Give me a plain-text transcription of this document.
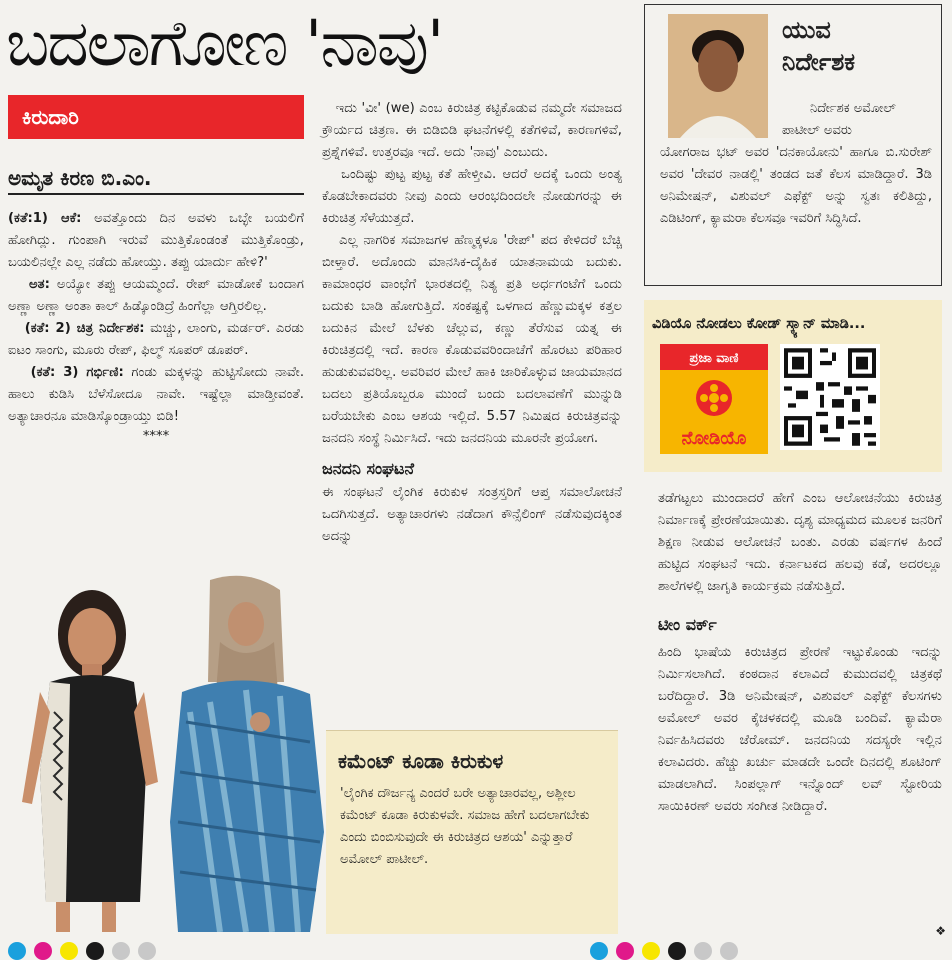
ಬದಲಾಗೋಣ 'ನಾವು'
ಕಿರುದಾರಿ
ಅಮೃತ ಕಿರಣ ಬಿ.ಎಂ.

(ಕತೆ:1) ಆಕೆ: ಅವತ್ತೊಂದು ದಿನ ಅವಳು ಒಬ್ಳೇ ಬಯಲಿಗೆ ಹೋಗಿದ್ಲು. ಗುಂಪಾಗಿ ಇರುವೆ ಮುತ್ತಿಕೊಂಡಂತೆ ಮುತ್ತಿಕೊಂಡ್ರು, ಬಯಲಿನಲ್ಲೇ ಎಲ್ಲ ನಡೆದು ಹೋಯ್ತು. ತಪ್ಪು ಯಾರ್ದು ಹೇಳಿ?'

ಅತ: ಅಯ್ಯೋ ತಪ್ಪು ಆಯಮ್ಮಂದೆ. ರೇಪ್ ಮಾಡೋಕೆ ಬಂದಾಗ ಅಣ್ಣಾ ಅಣ್ಣಾ ಅಂತಾ ಕಾಲ್ ಹಿಡ್ಕೊಂಡಿದ್ರೆ ಹಿಂಗೆಲ್ಲಾ ಆಗ್ತಿರಲಿಲ್ಲ.

(ಕತೆ: 2) ಚಿತ್ರ ನಿರ್ದೇಶಕ: ಮಚ್ಚು, ಲಾಂಗು, ಮರ್ಡರ್. ಎರಡು ಐಟಂ ಸಾಂಗು, ಮೂರು ರೇಪ್, ಫಿಲ್ಮ್ ಸೂಪರ್ ಡೂಪರ್.

(ಕತೆ: 3) ಗರ್ಭಿಣಿ: ಗಂಡು ಮಕ್ಕಳನ್ನು ಹುಟ್ಟಿಸೋದು ನಾವೇ. ಹಾಲು ಕುಡಿಸಿ ಬೆಳೆಸೋದೂ ನಾವೇ. ಇಷ್ಟೆಲ್ಲಾ ಮಾಡ್ತೀವಂತೆ. ಅತ್ಯಾಚಾರನೂ ಮಾಡಿಸ್ಕೊಂಡ್ರಾಯ್ತು ಬಿಡಿ!

****

ಇದು 'ವೀ' (we) ಎಂಬ ಕಿರುಚಿತ್ರ ಕಟ್ಟಿಕೊಡುವ ನಮ್ಮದೇ ಸಮಾಜದ ಕ್ರೌರ್ಯದ ಚಿತ್ರಣ. ಈ ಬಿಡಿಬಿಡಿ ಘಟನೆಗಳಲ್ಲಿ ಕತೆಗಳಿವೆ, ಕಾರಣಗಳಿವೆ, ಪ್ರಶ್ನೆಗಳಿವೆ. ಉತ್ತರವೂ ಇದೆ. ಅದು 'ನಾವು' ಎಂಬುದು.

ಒಂದಿಷ್ಟು ಪುಟ್ಟ ಪುಟ್ಟ ಕತೆ ಹೇಳ್ತೀವಿ. ಆದರೆ ಅದಕ್ಕೆ ಒಂದು ಅಂತ್ಯ ಕೊಡಬೇಕಾದವರು ನೀವು ಎಂದು ಆರಂಭದಿಂದಲೇ ನೋಡುಗರನ್ನು ಈ ಕಿರುಚಿತ್ರ ಸೆಳೆಯುತ್ತದೆ.

ಎಲ್ಲ ನಾಗರಿಕ ಸಮಾಜಗಳ ಹೆಣ್ಮಕ್ಕಳೂ 'ರೇಪ್' ಪದ ಕೇಳಿದರೆ ಬೆಚ್ಚಿ ಬೀಳ್ತಾರೆ. ಅದೊಂದು ಮಾನಸಿಕ-ದೈಹಿಕ ಯಾತನಾಮಯ ಬದುಕು. ಕಾಮಾಂಧರ ವಾಂಛೆಗೆ ಭಾರತದಲ್ಲಿ ನಿತ್ಯ ಪ್ರತಿ ಅರ್ಧಗಂಟೆಗೆ ಒಂದು ಬದುಕು ಬಾಡಿ ಹೋಗುತ್ತಿದೆ. ಸಂಕಷ್ಟಕ್ಕೆ ಒಳಗಾದ ಹೆಣ್ಣುಮಕ್ಕಳ ಕತ್ತಲ ಬದುಕಿನ ಮೇಲೆ ಬೆಳಕು ಚೆಲ್ಲುವ, ಕಣ್ಣು ತೆರೆಸುವ ಯತ್ನ ಈ ಕಿರುಚಿತ್ರದಲ್ಲಿ ಇದೆ. ಕಾರಣ ಕೊಡುವವರಿಂದಾಚೆಗೆ ಹೊರಟು ಪರಿಹಾರ ಹುಡುಕುವವರಿಲ್ಲ. ಅವರಿವರ ಮೇಲೆ ಹಾಕಿ ಜಾರಿಕೊಳ್ಳುವ ಜಾಯಮಾನದ ಬದಲು ಪ್ರತಿಯೊಬ್ಬರೂ ಮುಂದೆ ಬಂದು ಬದಲಾವಣೆಗೆ ಮುನ್ನುಡಿ ಬರೆಯಬೇಕು ಎಂಬ ಆಶಯ ಇಲ್ಲಿದೆ. 5.57 ನಿಮಿಷದ ಕಿರುಚಿತ್ರವನ್ನು ಜನದನಿ ಸಂಸ್ಥೆ ನಿರ್ಮಿಸಿದೆ. ಇದು ಜನದನಿಯ ಮೂರನೇ ಪ್ರಯೋಗ.

ಜನದನಿ ಸಂಘಟನೆ

ಈ ಸಂಘಟನೆ ಲೈಂಗಿಕ ಕಿರುಕುಳ ಸಂತ್ರಸ್ತರಿಗೆ ಆಪ್ತ ಸಮಾಲೋಚನೆ ಒದಗಿಸುತ್ತದೆ. ಅತ್ಯಾಚಾರಗಳು ನಡೆದಾಗ ಕೌನ್ಸೆಲಿಂಗ್ ನಡೆಸುವುದಕ್ಕಿಂತ ಅದನ್ನು

ಕಮೆಂಟ್ ಕೂಡಾ ಕಿರುಕುಳ

'ಲೈಂಗಿಕ ದೌರ್ಜನ್ಯ ಎಂದರೆ ಬರೇ ಅತ್ಯಾಚಾರವಲ್ಲ, ಅಶ್ಲೀಲ ಕಮೆಂಟ್ ಕೂಡಾ ಕಿರುಕುಳವೇ. ಸಮಾಜ ಹೇಗೆ ಬದಲಾಗಬೇಕು ಎಂದು ಬಿಂಬಿಸುವುದೇ ಈ ಕಿರುಚಿತ್ರದ ಆಶಯ' ಎನ್ನುತ್ತಾರೆ ಅಮೋಲ್ ಪಾಟೀಲ್.

ಯುವ
ನಿರ್ದೇಶಕ
ನಿರ್ದೇಶಕ ಅಮೋಲ್
ಪಾಟೀಲ್ ಅವರು
ಯೋಗರಾಜ ಭಟ್ ಅವರ 'ದನಕಾಯೋನು' ಹಾಗೂ ಬಿ.ಸುರೇಶ್ ಅವರ 'ದೇವರ ನಾಡಲ್ಲಿ' ತಂಡದ ಜತೆ ಕೆಲಸ ಮಾಡಿದ್ದಾರೆ. 3ಡಿ ಅನಿಮೇಷನ್, ವಿಶುವಲ್ ಎಫೆಕ್ಟ್ ಅನ್ನು ಸ್ವತಃ ಕಲಿತಿದ್ದು, ಎಡಿಟಿಂಗ್, ಕ್ಯಾಮರಾ ಕೆಲಸವೂ ಇವರಿಗೆ ಸಿದ್ಧಿಸಿದೆ.
ವಿಡಿಯೊ ನೋಡಲು ಕೋಡ್ ಸ್ಕ್ಯಾನ್ ಮಾಡಿ...
ಪ್ರಜಾ ವಾಣಿ
ನೋಡಿಯೊ

ತಡೆಗಟ್ಟಲು ಮುಂದಾದರೆ ಹೇಗೆ ಎಂಬ ಆಲೋಚನೆಯು ಕಿರುಚಿತ್ರ ನಿರ್ಮಾಣಕ್ಕೆ ಪ್ರೇರಣೆಯಾಯಿತು. ದೃಶ್ಯ ಮಾಧ್ಯಮದ ಮೂಲಕ ಜನರಿಗೆ ಶಿಕ್ಷಣ ನೀಡುವ ಆಲೋಚನೆ ಬಂತು. ಎರಡು ವರ್ಷಗಳ ಹಿಂದೆ ಹುಟ್ಟಿದ ಸಂಘಟನೆ ಇದು. ಕರ್ನಾಟಕದ ಹಲವು ಕಡೆ, ಅದರಲ್ಲೂ ಶಾಲೆಗಳಲ್ಲಿ ಜಾಗೃತಿ ಕಾರ್ಯಕ್ರಮ ನಡೆಸುತ್ತಿದೆ.

ಟೀಂ ವರ್ಕ್

ಹಿಂದಿ ಭಾಷೆಯ ಕಿರುಚಿತ್ರದ ಪ್ರೇರಣೆ ಇಟ್ಟುಕೊಂಡು ಇದನ್ನು ನಿರ್ಮಿಸಲಾಗಿದೆ. ಕಂಠದಾನ ಕಲಾವಿದೆ ಕುಮುದವಲ್ಲಿ ಚಿತ್ರಕಥೆ ಬರೆದಿದ್ದಾರೆ. 3ಡಿ ಅನಿಮೇಷನ್, ವಿಶುವಲ್ ಎಫೆಕ್ಟ್ ಕೆಲಸಗಳು ಅಮೋಲ್ ಅವರ ಕೈಚಳಕದಲ್ಲಿ ಮೂಡಿ ಬಂದಿವೆ. ಕ್ಯಾಮೆರಾ ನಿರ್ವಹಿಸಿದವರು ಜೆರೋಮ್. ಜನದನಿಯ ಸದಸ್ಯರೇ ಇಲ್ಲಿನ ಕಲಾವಿದರು. ಹೆಚ್ಚು ಖರ್ಚು ಮಾಡದೇ ಒಂದೇ ದಿನದಲ್ಲಿ ಶೂಟಿಂಗ್ ಮಾಡಲಾಗಿದೆ. ಸಿಂಪಲ್ಲಾಗ್ ಇನ್ನೊಂದ್ ಲವ್ ಸ್ಟೋರಿಯ ಸಾಯಿಕಿರಣ್ ಅವರು ಸಂಗೀತ ನೀಡಿದ್ದಾರೆ.

❖
